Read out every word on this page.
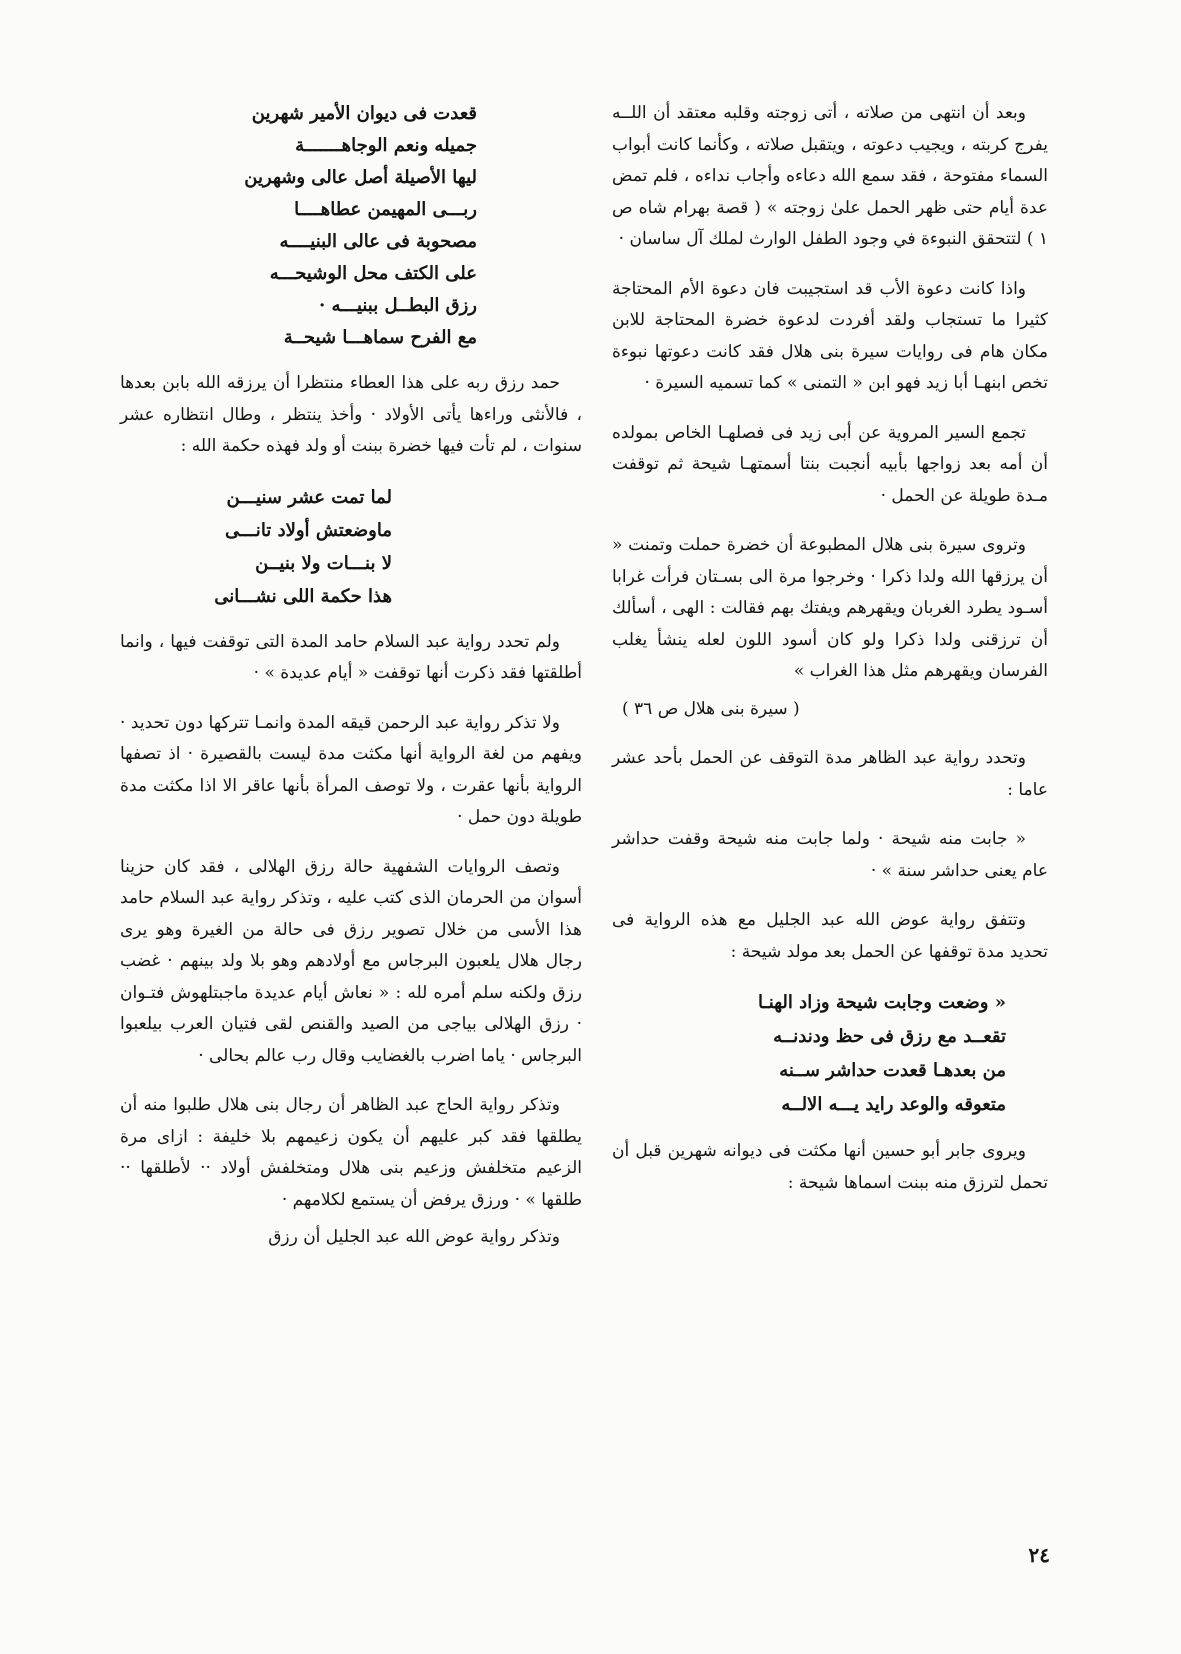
وبعد أن انتهى من صلاته ، أتى زوجته وقلبه معتقد أن اللــه يفرج كربته ، ويجيب دعوته ، ويتقبل صلاته ، وكأنما كانت أبواب السماء مفتوحة ، فقد سمع الله دعاءه وأجاب نداءه ، فلم تمض عدة أيام حتى ظهر الحمل علىٰ زوجته » ( قصة بهرام شاه ص ١ ) لتتحقق النبوءة في وجود الطفل الوارث لملك آل ساسان ·

واذا كانت دعوة الأب قد استجيبت فان دعوة الأم المحتاجة كثيرا ما تستجاب ولقد أفردت لدعوة خضرة المحتاجة للابن مكان هام فى روايات سيرة بنى هلال فقد كانت دعوتها نبوءة تخص ابنهـا أبا زيد فهو ابن « التمنى » كما تسميه السيرة ·

تجمع السير المروية عن أبى زيد فى فصلهـا الخاص بمولده أن أمه بعد زواجها بأبيه أنجبت بنتا أسمتهـا شيحة ثم توقفت مـدة طويلة عن الحمل ·

وتروى سيرة بنى هلال المطبوعة أن خضرة حملت وتمنت « أن يرزقها الله ولدا ذكرا · وخرجوا مرة الى بسـتان فرأت غرابا أسـود يطرد الغربان ويقهرهم ويفتك بهم فقالت : الهى ، أسألك أن ترزقنى ولدا ذكرا ولو كان أسود اللون لعله ينشأ يغلب الفرسان ويقهرهم مثل هذا الغراب »

( سيرة بنى هلال ص ٣٦ )

وتحدد رواية عبد الظاهر مدة التوقف عن الحمل بأحد عشر عاما :

« جابت منه شيحة · ولما جابت منه شيحة وقفت حداشر عام يعنى حداشر سنة » ·

وتتفق رواية عوض الله عبد الجليل مع هذه الرواية فى تحديد مدة توقفها عن الحمل بعد مولد شيحة :

« وضعت وجابت شيحة وزاد الهنـا
تقعــد مع رزق فى حظ ودندنــه
من بعدهـا قعدت حداشر ســنه
متعوقه والوعد رايد يـــه الالــه

ويروى جابر أبو حسين أنها مكثت فى ديوانه شهرين قبل أن تحمل لترزق منه ببنت اسماها شيحة :

قعدت فى ديوان الأمير شهرين
جميله ونعم الوجاهـــــــة
ليها الأصيلة أصل عالى وشهرين
ربـــى المهيمن عطاهــــا
مصحوبة فى عالى البنيــــه
على الكتف محل الوشيحـــه
رزق البطــل ببنيـــه ·
مع الفرح سماهـــا شيحــة

حمد رزق ربه على هذا العطاء منتظرا أن يرزقه الله بابن بعدها ، فالأنثى وراءها يأتى الأولاد · وأخذ ينتظر ، وطال انتظاره عشر سنوات ، لم تأت فيها خضرة ببنت أو ولد فهذه حكمة الله :

لما تمت عشر سنيـــن
ماوضعتش أولاد تانـــى
لا بنـــات ولا بنيــن
هذا حكمة اللى نشـــانى

ولم تحدد رواية عبد السلام حامد المدة التى توقفت فيها ، وانما أطلقتها فقد ذكرت أنها توقفت « أيام عديدة » ·

ولا تذكر رواية عبد الرحمن قيقه المدة وانمـا تتركها دون تحديد · ويفهم من لغة الرواية أنها مكثت مدة ليست بالقصيرة · اذ تصفها الرواية بأنها عقرت ، ولا توصف المرأة بأنها عاقر الا اذا مكثت مدة طويلة دون حمل ·

وتصف الروايات الشفهية حالة رزق الهلالى ، فقد كان حزينا أسوان من الحرمان الذى كتب عليه ، وتذكر رواية عبد السلام حامد هذا الأسى من خلال تصوير رزق فى حالة من الغيرة وهو يرى رجال هلال يلعبون البرجاس مع أولادهم وهو بلا ولد بينهم · غضب رزق ولكنه سلم أمره لله : « نعاش أيام عديدة ماجبتلهوش فتـوان · رزق الهلالى بياجى من الصيد والقنص لقى فتيان العرب بيلعبوا البرجاس · ياما اضرب بالغضايب وقال رب عالم بحالى ·

وتذكر رواية الحاج عبد الظاهر أن رجال بنى هلال طلبوا منه أن يطلقها فقد كبر عليهم أن يكون زعيمهم بلا خليفة : ازاى مرة الزعيم متخلفش وزعيم بنى هلال ومتخلفش أولاد ·· لأطلقها ·· طلقها » · ورزق يرفض أن يستمع لكلامهم ·

وتذكر رواية عوض الله عبد الجليل أن رزق

٢٤
